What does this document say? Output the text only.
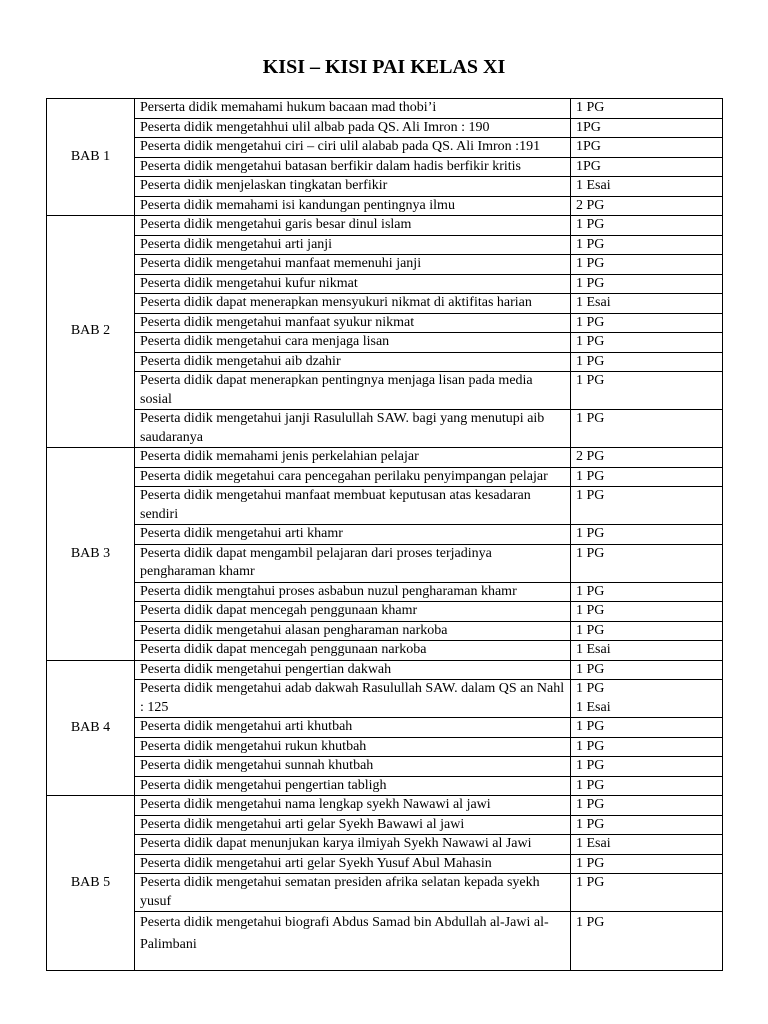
KISI – KISI PAI KELAS XI
BAB 1	Perserta didik memahami hukum bacaan mad thobi’i	1 PG

	Peserta didik mengetahhui ulil albab pada QS. Ali Imron : 190	1PG

	Peserta didik mengetahui ciri – ciri ulil alabab pada QS. Ali Imron :191	1PG

	Peserta didik mengetahui batasan berfikir dalam hadis berfikir kritis	1PG

	Peserta didik menjelaskan tingkatan berfikir	1 Esai

	Peserta didik memahami isi kandungan pentingnya ilmu	2 PG

BAB 2	Peserta didik mengetahui garis besar dinul islam	1 PG

	Peserta didik mengetahui arti janji	1 PG

	Peserta didik mengetahui manfaat memenuhi janji	1 PG

	Peserta didik mengetahui kufur nikmat	1 PG

	Peserta didik dapat menerapkan mensyukuri nikmat di aktifitas harian	1 Esai

	Peserta didik mengetahui manfaat syukur nikmat	1 PG

	Peserta didik mengetahui cara menjaga lisan	1 PG

	Peserta didik mengetahui aib dzahir	1 PG

	Peserta didik dapat menerapkan pentingnya menjaga lisan pada media sosial	1 PG

	Peserta didik mengetahui janji Rasulullah SAW. bagi yang menutupi aib saudaranya	1 PG

BAB 3	Peserta didik memahami jenis perkelahian pelajar	2 PG

	Peserta didik megetahui cara pencegahan perilaku penyimpangan pelajar	1 PG

	Peserta didik mengetahui manfaat membuat keputusan atas kesadaran sendiri	1 PG

	Peserta didik mengetahui arti khamr	1 PG

	Peserta didik dapat mengambil pelajaran dari proses terjadinya pengharaman khamr	1 PG

	Peserta didik mengtahui proses asbabun nuzul pengharaman khamr	1 PG

	Peserta didik dapat mencegah penggunaan khamr	1 PG

	Peserta didik mengetahui alasan pengharaman narkoba	1 PG

	Peserta didik dapat mencegah penggunaan narkoba	1 Esai

BAB 4	Peserta didik mengetahui pengertian dakwah	1 PG

	Peserta didik mengetahui adab dakwah Rasulullah SAW. dalam QS an Nahl : 125	1 PG
1 Esai

	Peserta didik mengetahui arti khutbah	1 PG

	Peserta didik mengetahui rukun khutbah	1 PG

	Peserta didik mengetahui sunnah khutbah	1 PG

	Peserta didik mengetahui pengertian tabligh	1 PG

BAB 5	Peserta didik mengetahui nama lengkap syekh Nawawi al jawi	1 PG

	Peserta didik mengetahui arti gelar Syekh Bawawi al jawi	1 PG

	Peserta didik dapat menunjukan karya ilmiyah Syekh Nawawi al Jawi	1 Esai

	Peserta didik mengetahui arti gelar Syekh Yusuf Abul Mahasin	1 PG

	Peserta didik mengetahui sematan presiden afrika selatan kepada syekh yusuf	1 PG

	Peserta didik mengetahui biografi Abdus Samad bin Abdullah al-Jawi al-Palimbani	1 PG
